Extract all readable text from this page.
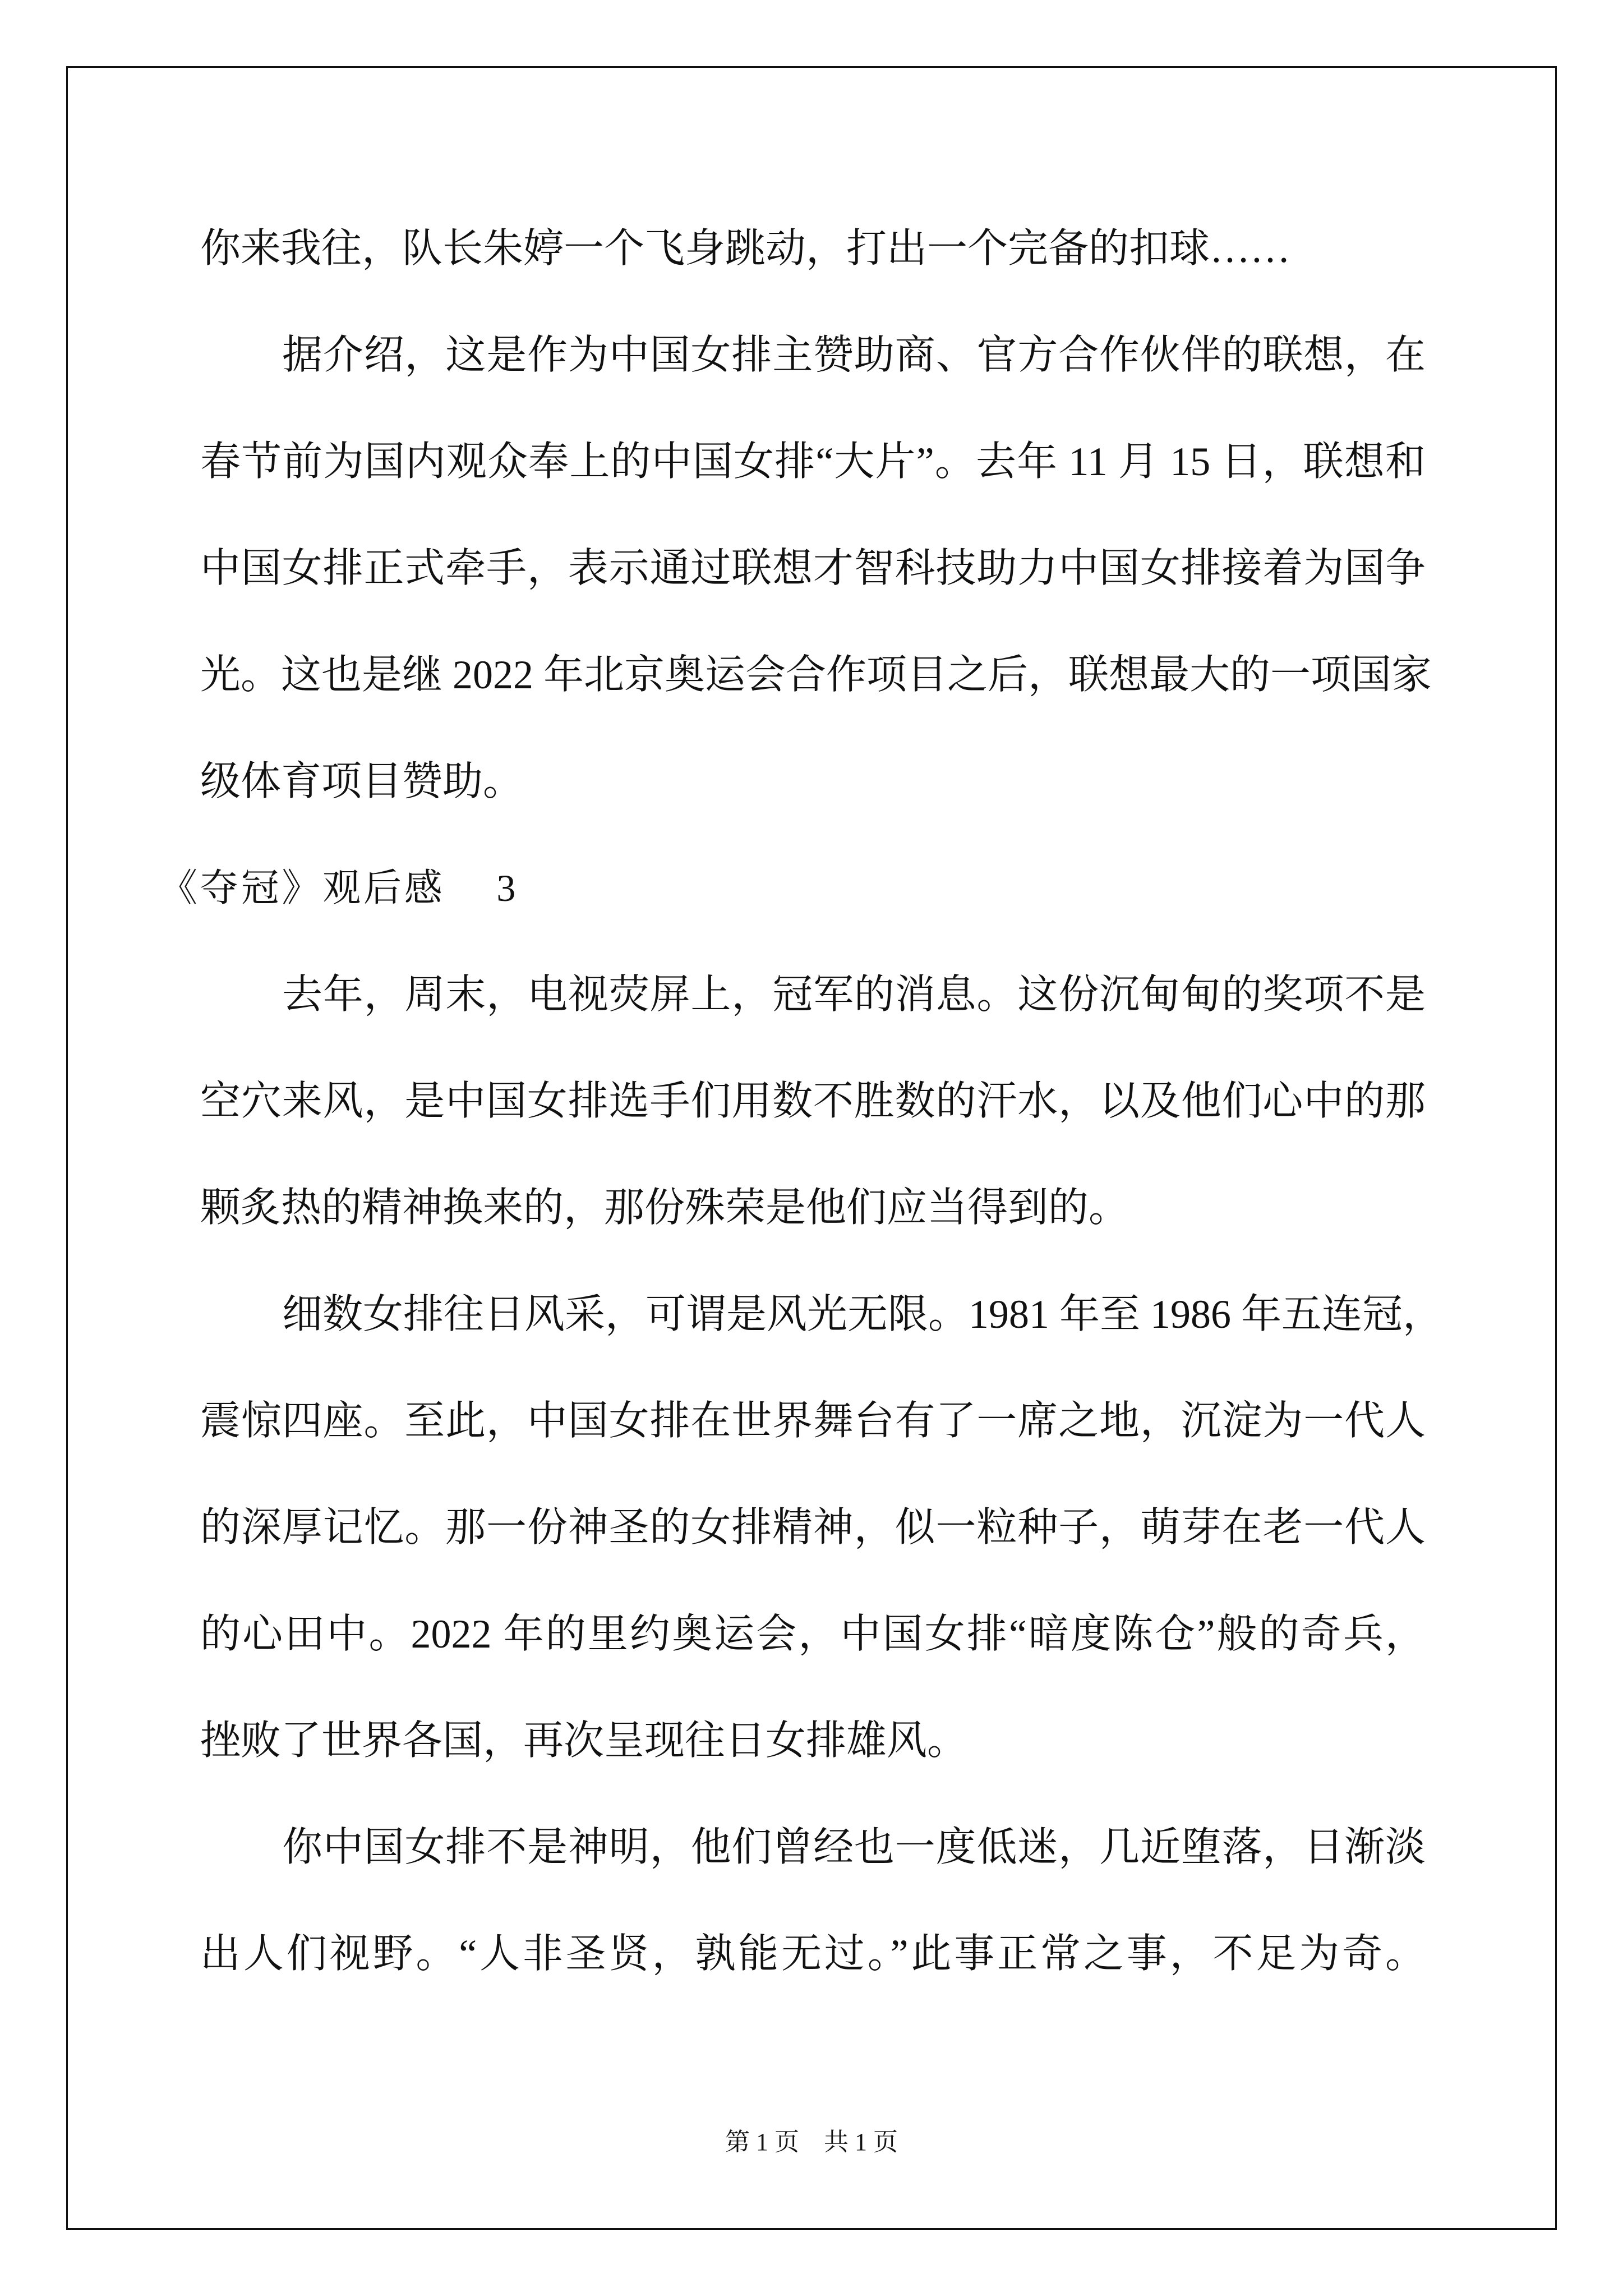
你来我往，队长朱婷一个飞身跳动，打出一个完备的扣球……
据介绍，这是作为中国女排主赞助商、官方合作伙伴的联想，在
春节前为国内观众奉上的中国女排“大片”。去年 11 月 15 日，联想和
中国女排正式牵手，表示通过联想才智科技助力中国女排接着为国争
光。这也是继 2022 年北京奥运会合作项目之后，联想最大的一项国家
级体育项目赞助。
《夺冠》观后感 3
去年，周末，电视荧屏上，冠军的消息。这份沉甸甸的奖项不是
空穴来风，是中国女排选手们用数不胜数的汗水，以及他们心中的那
颗炙热的精神换来的，那份殊荣是他们应当得到的。
细数女排往日风采，可谓是风光无限。1981 年至 1986 年五连冠，
震惊四座。至此，中国女排在世界舞台有了一席之地，沉淀为一代人
的深厚记忆。那一份神圣的女排精神，似一粒种子，萌芽在老一代人
的心田中。2022 年的里约奥运会，中国女排“暗度陈仓”般的奇兵，
挫败了世界各国，再次呈现往日女排雄风。
你中国女排不是神明，他们曾经也一度低迷，几近堕落，日渐淡
出人们视野。“人非圣贤，孰能无过。”此事正常之事，不足为奇。
第 1 页　共 1 页
